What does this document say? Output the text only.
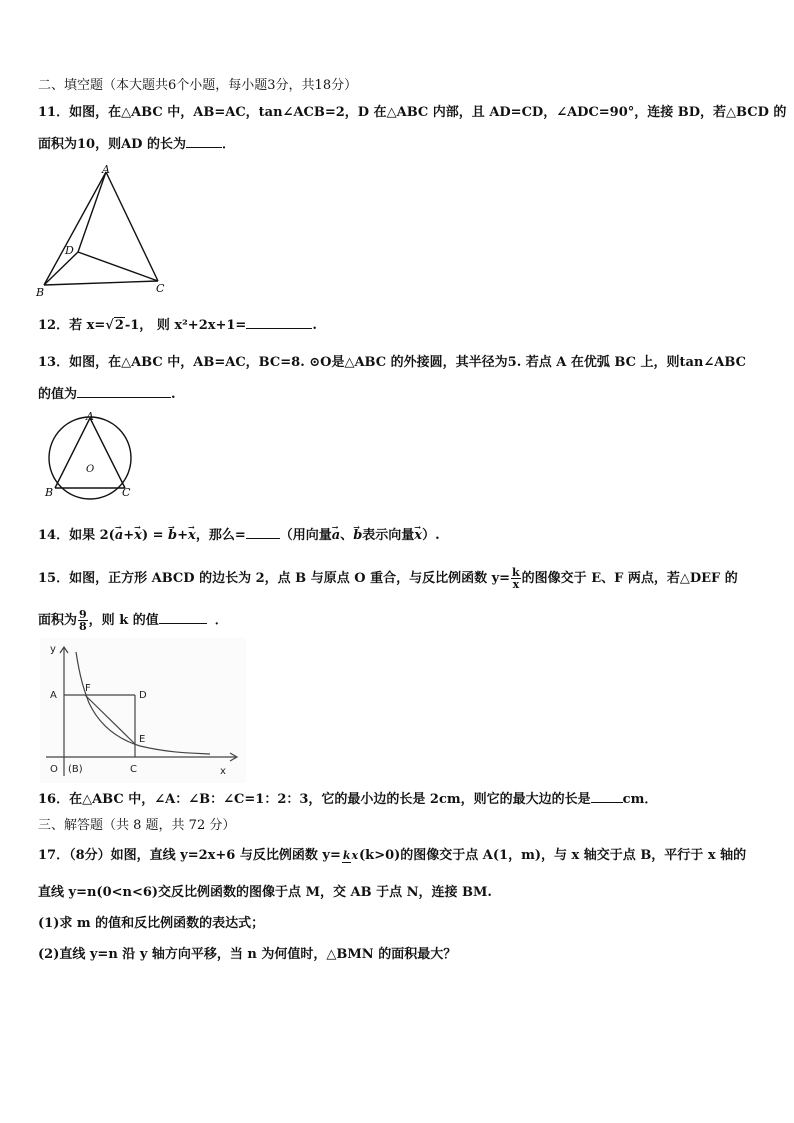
二、填空题（本大题共6个小题，每小题3分，共18分）
11．如图，在△ABC 中，AB=AC，tan∠ACB=2，D 在△ABC 内部，且 AD=CD，∠ADC=90°，连接 BD，若△BCD 的
面积为10，则AD 的长为	．
A
D
B	C
12．若 x=√2-1， 则 x²+2x+1=	.
13．如图，在△ABC 中，AB=AC，BC=8. ⊙O是△ABC 的外接圆，其半径为5. 若点 A 在优弧 BC 上，则tan∠ABC
的值为	.
A
O
B	C
14．如果 2(→ a+→ x) = → b+→ x，那么=	（用向量→ a、→ b表示向量→ x）.
15．如图，正方形 ABCD 的边长为 2，点 B 与原点 O 重合，与反比例函数 $y= \frac{k}{x}$ 的图像交于 E、F 两点，若△DEF 的
面积为 $\frac{9}{8}$ ，则 k 的值	．
y
x
A
F
D
E
O (B)	C
16．在△ABC 中，∠A：∠B：∠C=1：2：3，它的最小边的长是 2cm，则它的最大边的长是 cm．
三、解答题（共 8 题，共 72 分）
17．（8分）如图，直线 y=2x+6 与反比例函数 y= kx(k>0)的图像交于点 A(1，m)，与 x 轴交于点 B，平行于 x 轴的
直线 y=n(0<n<6)交反比例函数的图像于点 M，交 AB 于点 N，连接 BM.
(1)求 m 的值和反比例函数的表达式；
(2)直线 y=n 沿 y 轴方向平移，当 n 为何值时，△BMN 的面积最大？
